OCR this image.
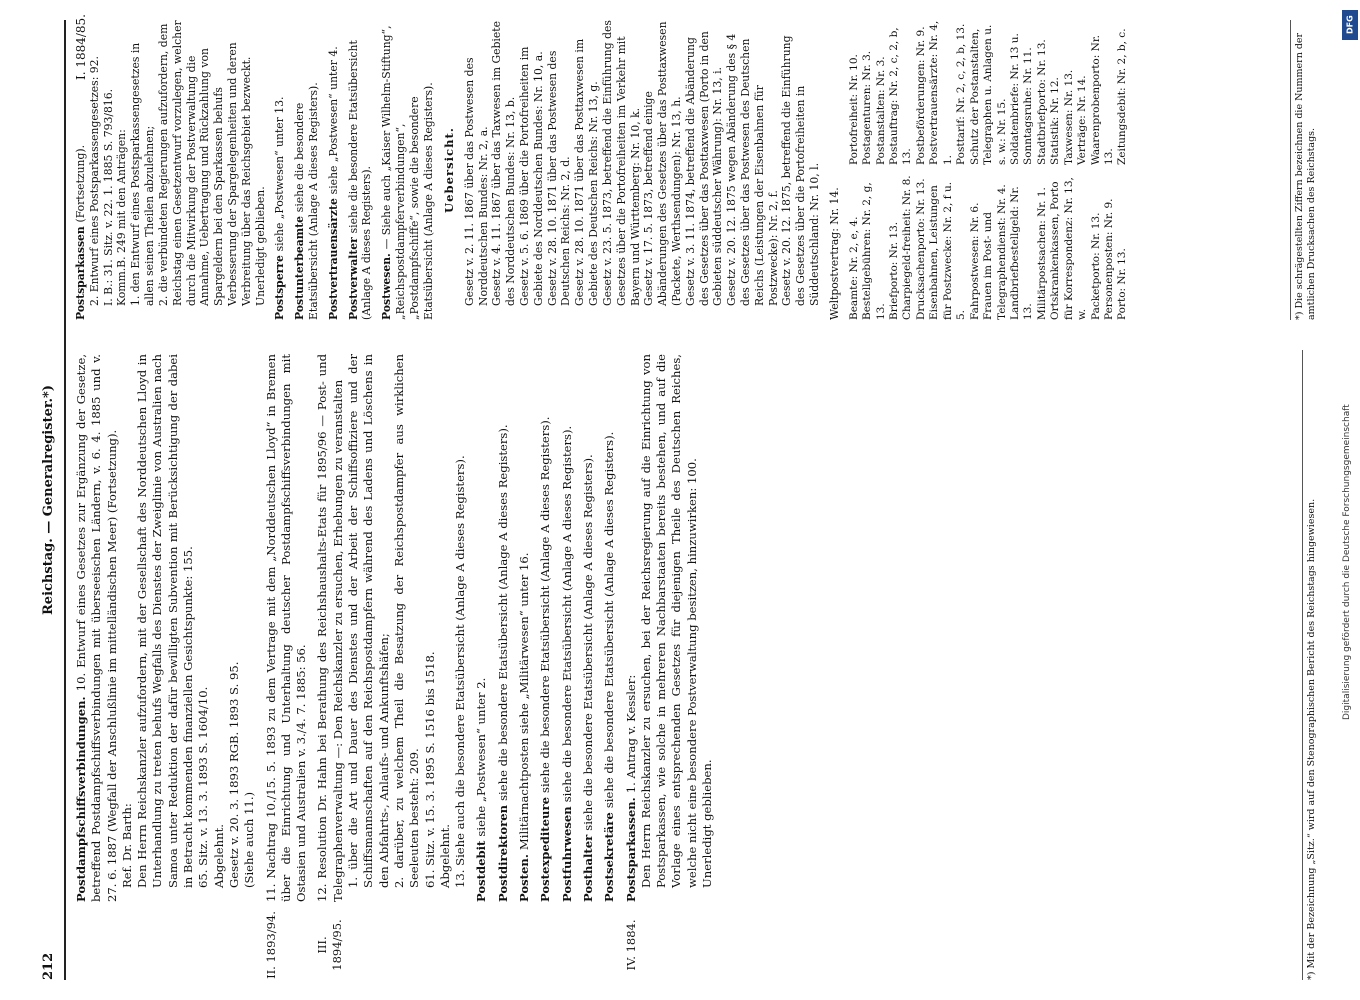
212
Reichstag. — Generalregister.*)
Postdampfschiffsverbindungen. 10. Entwurf eines Gesetzes zur Ergänzung der Gesetze, betreffend Postdampfschiffsverbindungen mit überseeischen Ländern, v. 6. 4. 1885 und v. 27. 6. 1887 (Wegfall der Anschlußlinie im mittelländischen Meer) (Fortsetzung). Ref. Dr. Barth: Den Herrn Reichskanzler aufzufordern, mit der Gesellschaft des Norddeutschen Lloyd in Unterhandlung zu treten behufs Wegfalls des Dienstes der Zweiglinie von Australien nach Samoa unter Reduktion der dafür bewilligten Subvention mit Berücksichtigung der dabei in Betracht kommenden finanziellen Gesichtspunkte: 155. 65. Sitz. v. 13. 3. 1893 S. 1604/10. Abgelehnt. Gesetz v. 20. 3. 1893 RGB. 1893 S. 95. (Siehe auch 11.)
II. 1893/94.
11. Nachtrag 10./15. 5. 1893 zu dem Vertrage mit dem „Norddeutschen Lloyd“ in Bremen über die Einrichtung und Unterhaltung deutscher Postdampfschiffsverbindungen mit Ostasien und Australien v. 3./4. 7. 1885: 56.
III. 1894/95.
12. Resolution Dr. Hahn bei Berathung des Reichshaushalts-Etats für 1895/96 — Post- und Telegraphenverwaltung —: Den Reichskanzler zu ersuchen, Erhebungen zu veranstalten 1. über die Art und Dauer des Dienstes und der Arbeit der Schiffsoffiziere und der Schiffsmannschaften auf den Reichspostdampfern während des Ladens und Löschens in den Abfahrts-, Anlaufs- und Ankunftshäfen; 2. darüber, zu welchem Theil die Besatzung der Reichspostdampfer aus wirklichen Seeleuten besteht: 209. 61. Sitz. v. 15. 3. 1895 S. 1516 bis 1518. Abgelehnt. 13. Siehe auch die besondere Etatsübersicht (Anlage A dieses Registers). Postdebit siehe „Postwesen“ unter 2.
Postdirektoren siehe die besondere Etatsübersicht (Anlage A dieses Registers).
Posten. Militärnachtposten siehe „Militärwesen“ unter 16. Postexpediteure siehe die besondere Etatsübersicht (Anlage A dieses Registers).
Postfuhrwesen siehe die besondere Etatsübersicht (Anlage A dieses Registers).
Posthalter siehe die besondere Etatsübersicht (Anlage A dieses Registers).
Postsekretäre siehe die besondere Etatsübersicht (Anlage A dieses Registers).
IV. 1884.
Postsparkassen. 1. Antrag v. Kessler: Den Herrn Reichskanzler zu ersuchen, bei der Reichsregierung auf die Einrichtung von Postsparkassen, wie solche in mehreren Nachbarstaaten bereits bestehen, und auf die Vorlage eines entsprechenden Gesetzes für diejenigen Theile des Deutschen Reiches, welche nicht eine besondere Postverwaltung besitzen, hinzuwirken: 100. Unerledigt geblieben.	*) Mit der Bezeichnung „Sitz.“ wird auf den Stenographischen Bericht des Reichstags hingewiesen.
I. 1884/85.
Postsparkassen (Fortsetzung). 2. Entwurf eines Postsparkassengesetzes: 92. I. B.: 31. Sitz. v. 22. 1. 1885 S. 793/816. Komm.B. 249 mit den Anträgen: 1. den Entwurf eines Postsparkassengesetzes in allen seinen Theilen abzulehnen; 2. die verbündeten Regierungen aufzufordern, dem Reichstag einen Gesetzentwurf vorzulegen, welcher durch die Mitwirkung der Postverwaltung die Annahme, Uebertragung und Rückzahlung von Spargeldern bei den Sparkassen behufs Verbesserung der Spargelegenheiten und deren Verbreitung über das Reichsgebiet bezweckt. Unerledigt geblieben. Postsperre siehe „Postwesen“ unter 13.
Postunterbeamte siehe die besondere Etatsübersicht (Anlage A dieses Registers). Postvertrauensärzte siehe „Postwesen“ unter 4.
Postverwalter siehe die besondere Etatsübersicht (Anlage A dieses Registers). Postwesen. — Siehe auch „Kaiser Wilhelm-Stiftung“, „Reichspostdampferverbindungen“, „Postdampfschiffe“, sowie die besondere Etatsübersicht (Anlage A dieses Registers). Uebersicht. Gesetz v. 2. 11. 1867 über das Postwesen des Norddeutschen Bundes: Nr. 2, a. Gesetz v. 4. 11. 1867 über das Taxwesen im Gebiete des Norddeutschen Bundes: Nr. 13, b. Gesetz v. 5. 6. 1869 über die Portofreiheiten im Gebiete des Norddeutschen Bundes: Nr. 10, a. Gesetz v. 28. 10. 1871 über das Postwesen des Deutschen Reichs: Nr. 2, d. Gesetz v. 28. 10. 1871 über das Posttaxwesen im Gebiete des Deutschen Reichs: Nr. 13, g. Gesetz v. 23. 5. 1873, betreffend die Einführung des Gesetzes über die Portofreiheiten im Verkehr mit Bayern und Württemberg: Nr. 10, k. Gesetz v. 17. 5. 1873, betreffend einige Abänderungen des Gesetzes über das Posttaxwesen (Packete, Werthsendungen): Nr. 13, h. Gesetz v. 3. 11. 1874, betreffend die Abänderung des Gesetzes über das Posttaxwesen (Porto in den Gebieten süddeutscher Währung): Nr. 13, i. Gesetz v. 20. 12. 1875 wegen Abänderung des § 4 des Gesetzes über das Postwesen des Deutschen Reichs (Leistungen der Eisenbahnen für Postzwecke): Nr. 2, f. Gesetz v. 20. 12. 1875, betreffend die Einführung des Gesetzes über die Portofreiheiten in Süddeutschland: Nr. 10, l. Weltpostvertrag: Nr. 14. Beamte: Nr. 2, e, 4. Bestellgebühren: Nr. 2, g, 13. Briefporto: Nr. 13. Charpiegeld-freiheit: Nr. 8. Drucksachenporto: Nr. 13. Eisenbahnen, Leistungen für Postzwecke: Nr. 2, f u. 5. Fahrpostwesen: Nr. 6. Frauen im Post- und Telegraphendienst: Nr. 4. Landbriefbestellgeld: Nr. 13. Militärpostsachen: Nr. 1. Ortskrankenkassen, Porto für Korrespondenz: Nr. 13, w. Packetporto: Nr. 13. Personenposten: Nr. 9. Porto: Nr. 13.
Portofreiheit: Nr. 10. Postagenturen: Nr. 3. Postanstalten: Nr. 3. Postauftrag: Nr. 2, c, 2, b, 13. Postbeförderungen: Nr. 9. Postvertrauensärzte: Nr. 4, 1. Posttarif: Nr. 2, c, 2, b, 13. Schutz der Postanstalten, Telegraphen u. Anlagen u. s. w.: Nr. 15. Soldatenbriefe: Nr. 13 u. Sonntagsruhe: Nr. 11. Stadtbriefporto: Nr. 13. Statistik: Nr. 12. Taxwesen: Nr. 13. Verträge: Nr. 14. Waarenprobenporto: Nr. 13. Zeitungsdebit: Nr. 2, b, c.	*) Die schrägestellten Ziffern bezeichnen die Nummern der amtlichen Drucksachen des Reichstags.
DFG
Digitalisierung gefördert durch die Deutsche Forschungsgemeinschaft
